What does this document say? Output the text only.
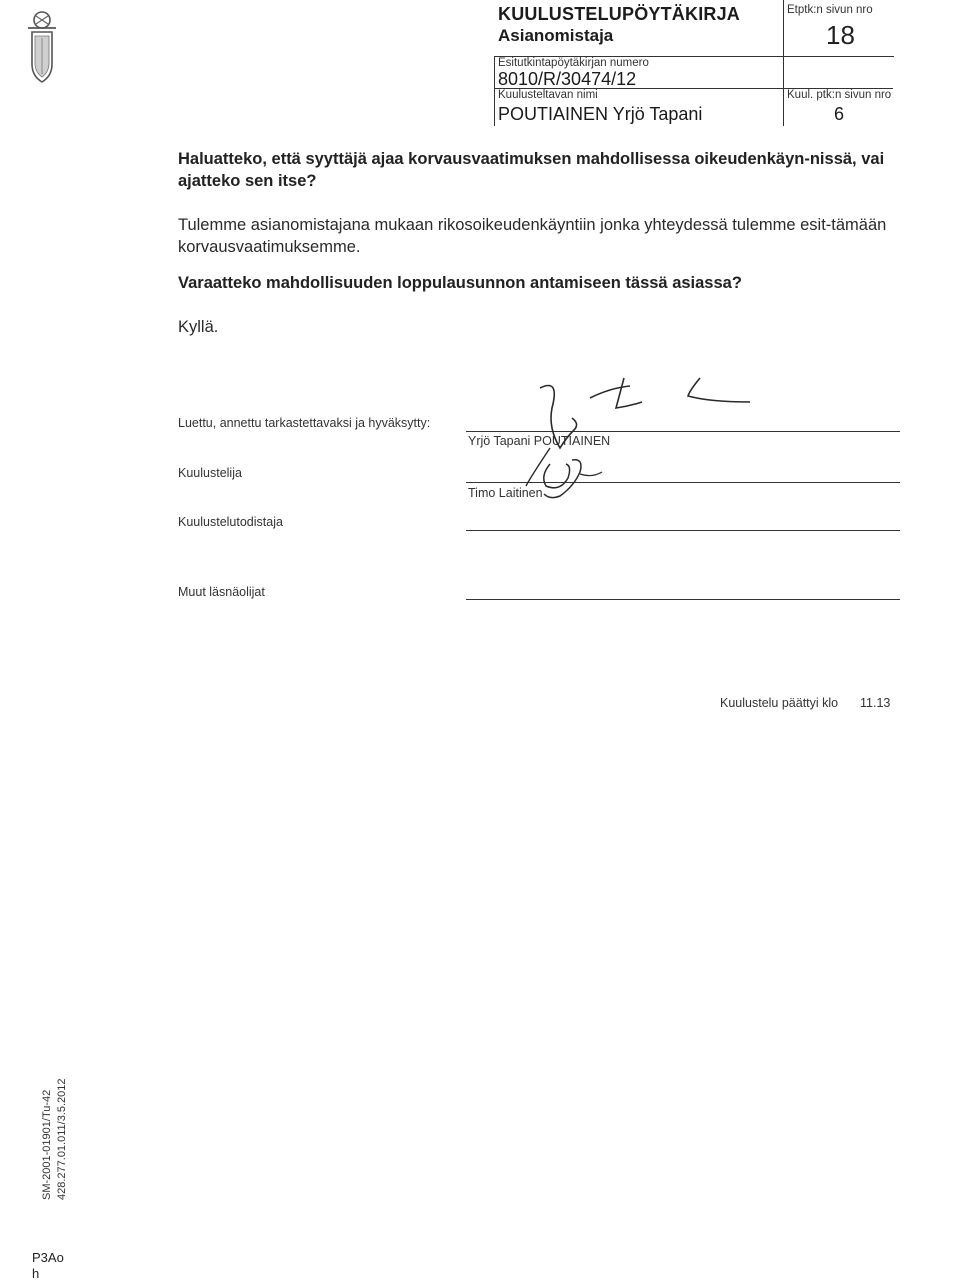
KUULUSTELUPÖYTÄKIRJA
Asianomistaja
Esitutkintapöytäkirjan numero
8010/R/30474/12
Kuulusteltavan nimi
POUTIAINEN Yrjö Tapani
Etptk:n sivun nro
18
Kuul. ptk:n sivun nro
6
Haluatteko, että syyttäjä ajaa korvausvaatimuksen mahdollisessa oikeudenkäyn-nissä, vai ajatteko sen itse?
Tulemme asianomistajana mukaan rikosoikeudenkäyntiin jonka yhteydessä tulemme esit-tämään korvausvaatimuksemme.
Varaatteko mahdollisuuden loppulausunnon antamiseen tässä asiassa?
Kyllä.
Luettu, annettu tarkastettavaksi ja hyväksytty:
Yrjö Tapani POUTIAINEN
Kuulustelija
Timo Laitinen
Kuulustelutodistaja
Muut läsnäolijat
Kuulustelu päättyi klo 11.13
SM-2001-01901/Tu-42 428.277.01.011/3.5.2012
P3Ao
h
